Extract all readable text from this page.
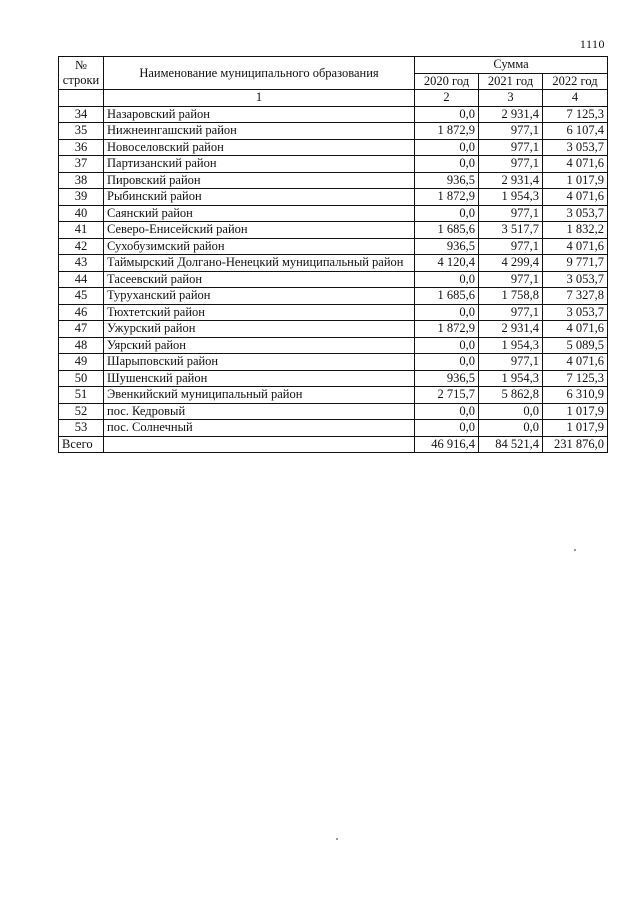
1110
№
строки	Наименование муниципального образования	Сумма		
		2020 год	2021 год	2022 год
	1	2	3	4
34	Назаровский район	0,0	2 931,4	7 125,3
35	Нижнеингашский район	1 872,9	977,1	6 107,4
36	Новоселовский район	0,0	977,1	3 053,7
37	Партизанский район	0,0	977,1	4 071,6
38	Пировский район	936,5	2 931,4	1 017,9
39	Рыбинский район	1 872,9	1 954,3	4 071,6
40	Саянский район	0,0	977,1	3 053,7
41	Северо-Енисейский район	1 685,6	3 517,7	1 832,2
42	Сухобузимский район	936,5	977,1	4 071,6
43	Таймырский Долгано-Ненецкий муниципальный район	4 120,4	4 299,4	9 771,7
44	Тасеевский район	0,0	977,1	3 053,7
45	Туруханский район	1 685,6	1 758,8	7 327,8
46	Тюхтетский район	0,0	977,1	3 053,7
47	Ужурский район	1 872,9	2 931,4	4 071,6
48	Уярский район	0,0	1 954,3	5 089,5
49	Шарыповский район	0,0	977,1	4 071,6
50	Шушенский район	936,5	1 954,3	7 125,3
51	Эвенкийский муниципальный район	2 715,7	5 862,8	6 310,9
52	пос. Кедровый	0,0	0,0	1 017,9
53	пос. Солнечный	0,0	0,0	1 017,9
Всего		46 916,4	84 521,4	231 876,0
